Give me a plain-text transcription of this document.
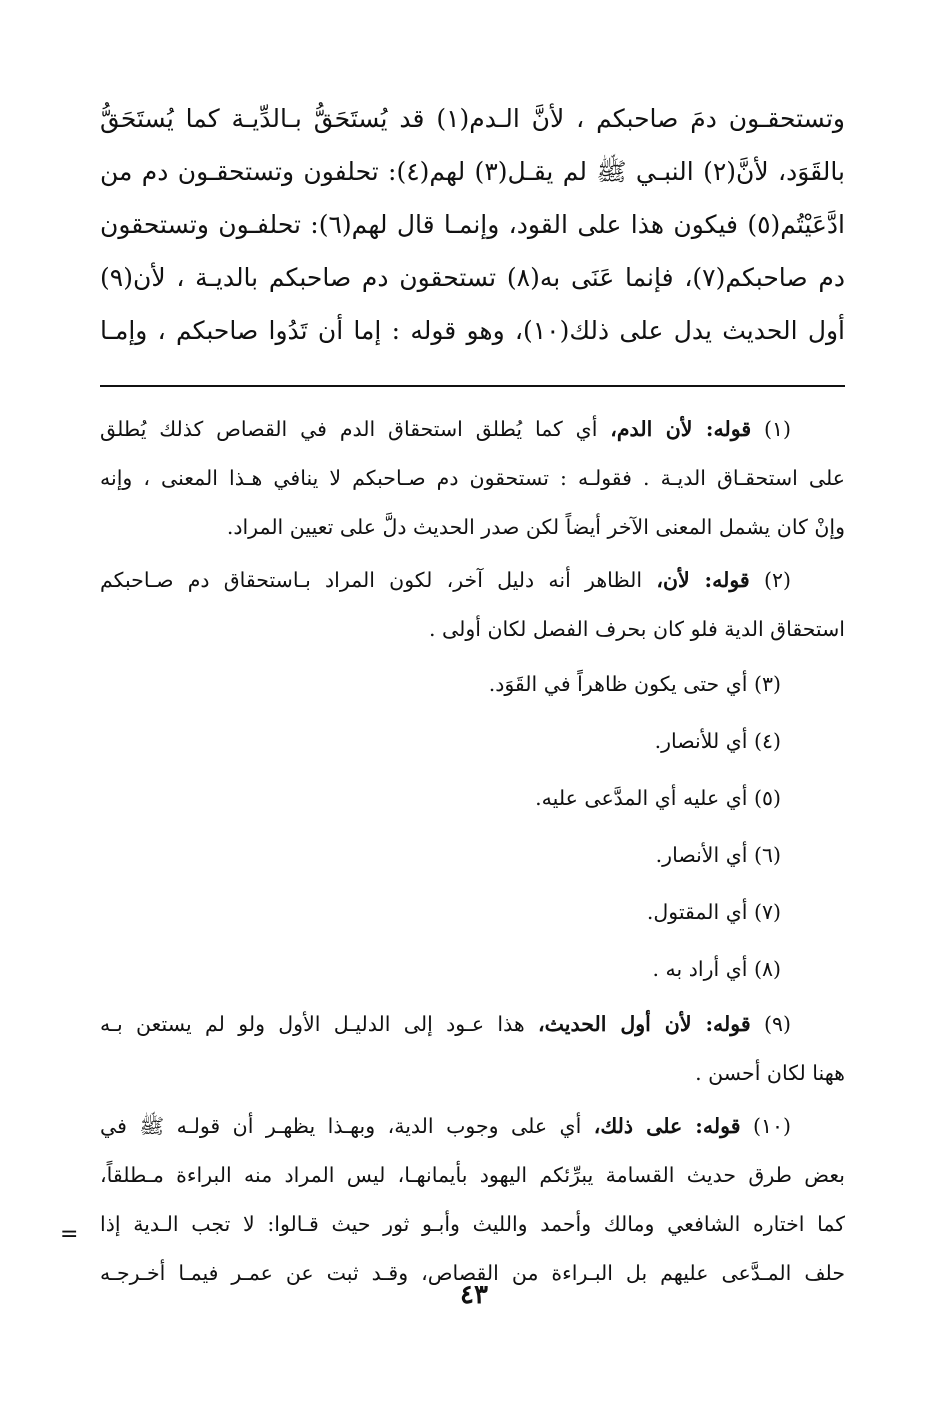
وتستحقـون دمَ صاحبكم ، لأنَّ الـدم(١) قد يُستَحَقُّ بـالدِّيـة كما يُستَحَقُّ
بالقَوَد، لأنَّ(٢) النبـي ﷺ لم يقـل(٣) لهم(٤): تحلفون وتستحقـون دم من
ادَّعَيْتُم(٥) فيكون هذا على القود، وإنمـا قال لهم(٦): تحلفـون وتستحقون
دم صاحبكم(٧)، فإنما عَنَى به(٨) تستحقون دم صاحبكم بالديـة ، لأن(٩)
أول الحديث يدل على ذلك(١٠)، وهو قوله : إما أن تَدُوا صاحبكم ، وإمـا
(١) قوله: لأن الدم، أي كما يُطلق استحقاق الدم في القصاص كذلك يُطلق
على استحقـاق الديـة . فقولـه : تستحقون دم صـاحبكم لا ينافي هـذا المعنى ، وإنه
وإنْ كان يشمل المعنى الآخر أيضاً لكن صدر الحديث دلَّ على تعيين المراد.
(٢) قوله: لأن، الظاهر أنه دليل آخر، لكون المراد بـاستحقاق دم صـاحبكم
استحقاق الدية فلو كان بحرف الفصل لكان أولى .
(٣) أي حتى يكون ظاهراً في القَوَد.
(٤) أي للأنصار.
(٥) أي عليه أي المدَّعى عليه.
(٦) أي الأنصار.
(٧) أي المقتول.
(٨) أي أراد به .
(٩) قوله: لأن أول الحديث، هذا عـود إلى الدليـل الأول ولو لم يستعن بـه
ههنا لكان أحسن .
(١٠) قوله: على ذلك، أي على وجوب الدية، وبهـذا يظهـر أن قولـه ﷺ في
بعض طرق حديث القسامة يبرِّئكم اليهود بأيمانهـا، ليس المراد منه البراءة مـطلقاً،
كما اختاره الشافعي ومالك وأحمد والليث وأبـو ثور حيث قـالوا: لا تجب الـدية إذا
حلف المـدَّعى عليهم بل البـراءة من القصاص، وقـد ثبت عن عمـر فيمـا أخـرجـه
=
٤٣
